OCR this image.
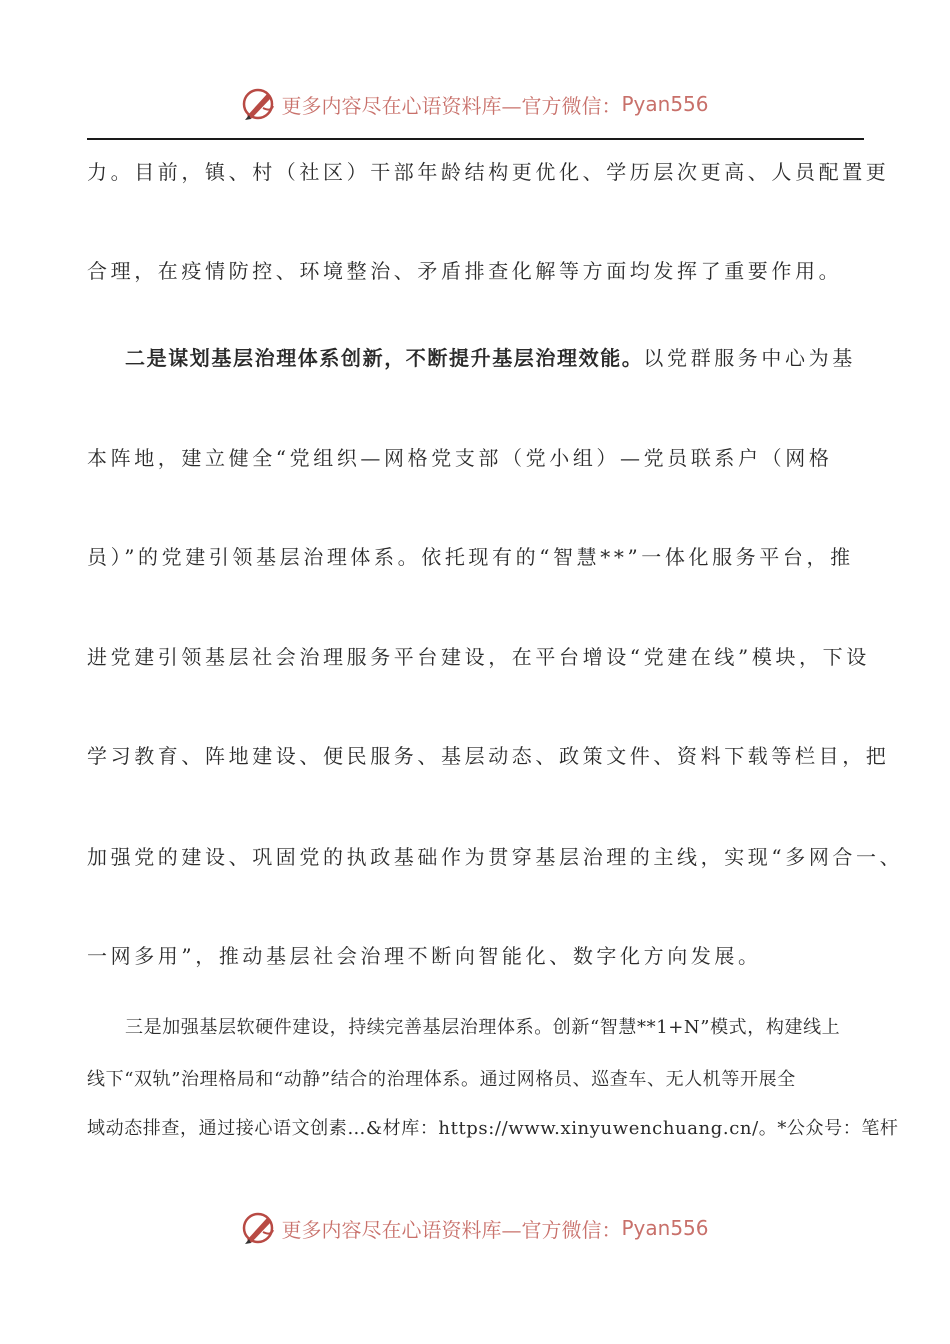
更多内容尽在心语资料库—官方微信： Pyan556
力。目前，镇、村（社区）干部年龄结构更优化、学历层次更高、人员配置更
合理，在疫情防控、环境整治、矛盾排查化解等方面均发挥了重要作用。
二是谋划基层治理体系创新，不断提升基层治理效能。以党群服务中心为基
本阵地，建立健全“党组织—网格党支部（党小组）—党员联系户（网格
员）”的党建引领基层治理体系。依托现有的“智慧**”一体化服务平台，推
进党建引领基层社会治理服务平台建设，在平台增设“党建在线”模块，下设
学习教育、阵地建设、便民服务、基层动态、政策文件、资料下载等栏目，把
加强党的建设、巩固党的执政基础作为贯穿基层治理的主线，实现“多网合一、
一网多用”，推动基层社会治理不断向智能化、数字化方向发展。
三是加强基层软硬件建设，持续完善基层治理体系。创新“智慧**1+N”模式，构建线上
线下“双轨”治理格局和“动静”结合的治理体系。通过网格员、巡查车、无人机等开展全
域动态排查，通过接心语文创素…&材库：https://www.xinyuwenchuang.cn/。*公众号：笔杆
更多内容尽在心语资料库—官方微信： Pyan556
